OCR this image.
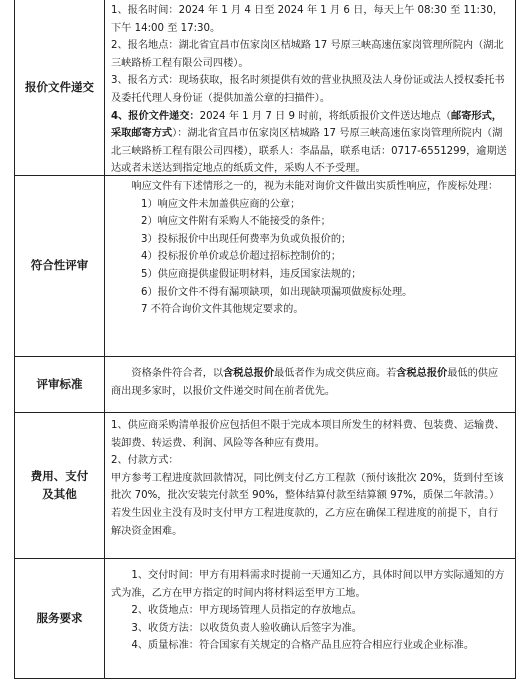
报价文件递交

1、报名时间：2024 年 1 月 4 日至 2024 年 1 月 6 日，每天上午 08:30 至 11:30，下午 14:00 至 17:30。

2、报名地点：湖北省宜昌市伍家岗区桔城路 17 号原三峡高速伍家岗管理所院内（湖北三峡路桥工程有限公司四楼）。

3、报名方式：现场获取，报名时须提供有效的营业执照及法人身份证或法人授权委托书及委托代理人身份证（提供加盖公章的扫描件）。

4、报价文件递交：2024 年 1 月 7 日 9 时前，将纸质报价文件送达地点（邮寄形式，采取邮寄方式）：湖北省宜昌市伍家岗区桔城路 17 号原三峡高速伍家岗管理所院内（湖北三峡路桥工程有限公司四楼），联系人：李晶晶，联系电话：0717-6551299，逾期送达或者未送达到指定地点的纸质文件，采购人不予受理。

符合性评审

响应文件有下述情形之一的，视为未能对询价文件做出实质性响应，作废标处理：

1）响应文件未加盖供应商的公章；

2）响应文件附有采购人不能接受的条件；

3）投标报价中出现任何费率为负或负报价的；

4）投标报价单价或总价超过招标控制价的；

5）供应商提供虚假证明材料，违反国家法规的；

6）报价文件不得有漏项缺项，如出现缺项漏项做废标处理。

7 不符合询价文件其他规定要求的。

评审标准

资格条件符合者，以含税总报价最低者作为成交供应商。若含税总报价最低的供应商出现多家时，以报价文件递交时间在前者优先。

费用、支付及其他

1、供应商采购清单报价应包括但不限于完成本项目所发生的材料费、包装费、运输费、装卸费、转运费、利润、风险等各种应有费用。

2、付款方式：

甲方参考工程进度款回款情况，同比例支付乙方工程款（预付该批次 20%，货到付至该批次 70%，批次安装完付款至 90%，整体结算付款至结算额 97%，质保二年款清。）若发生因业主没有及时支付甲方工程进度款的，乙方应在确保工程进度的前提下，自行解决资金困难。

服务要求

1、交付时间：甲方有用料需求时提前一天通知乙方，具体时间以甲方实际通知的方式为准，乙方在甲方指定的时间内将材料运至甲方工地。

2、收货地点：甲方现场管理人员指定的存放地点。

3、收货方法：以收货负责人验收确认后签字为准。

4、质量标准：符合国家有关规定的合格产品且应符合相应行业或企业标准。
